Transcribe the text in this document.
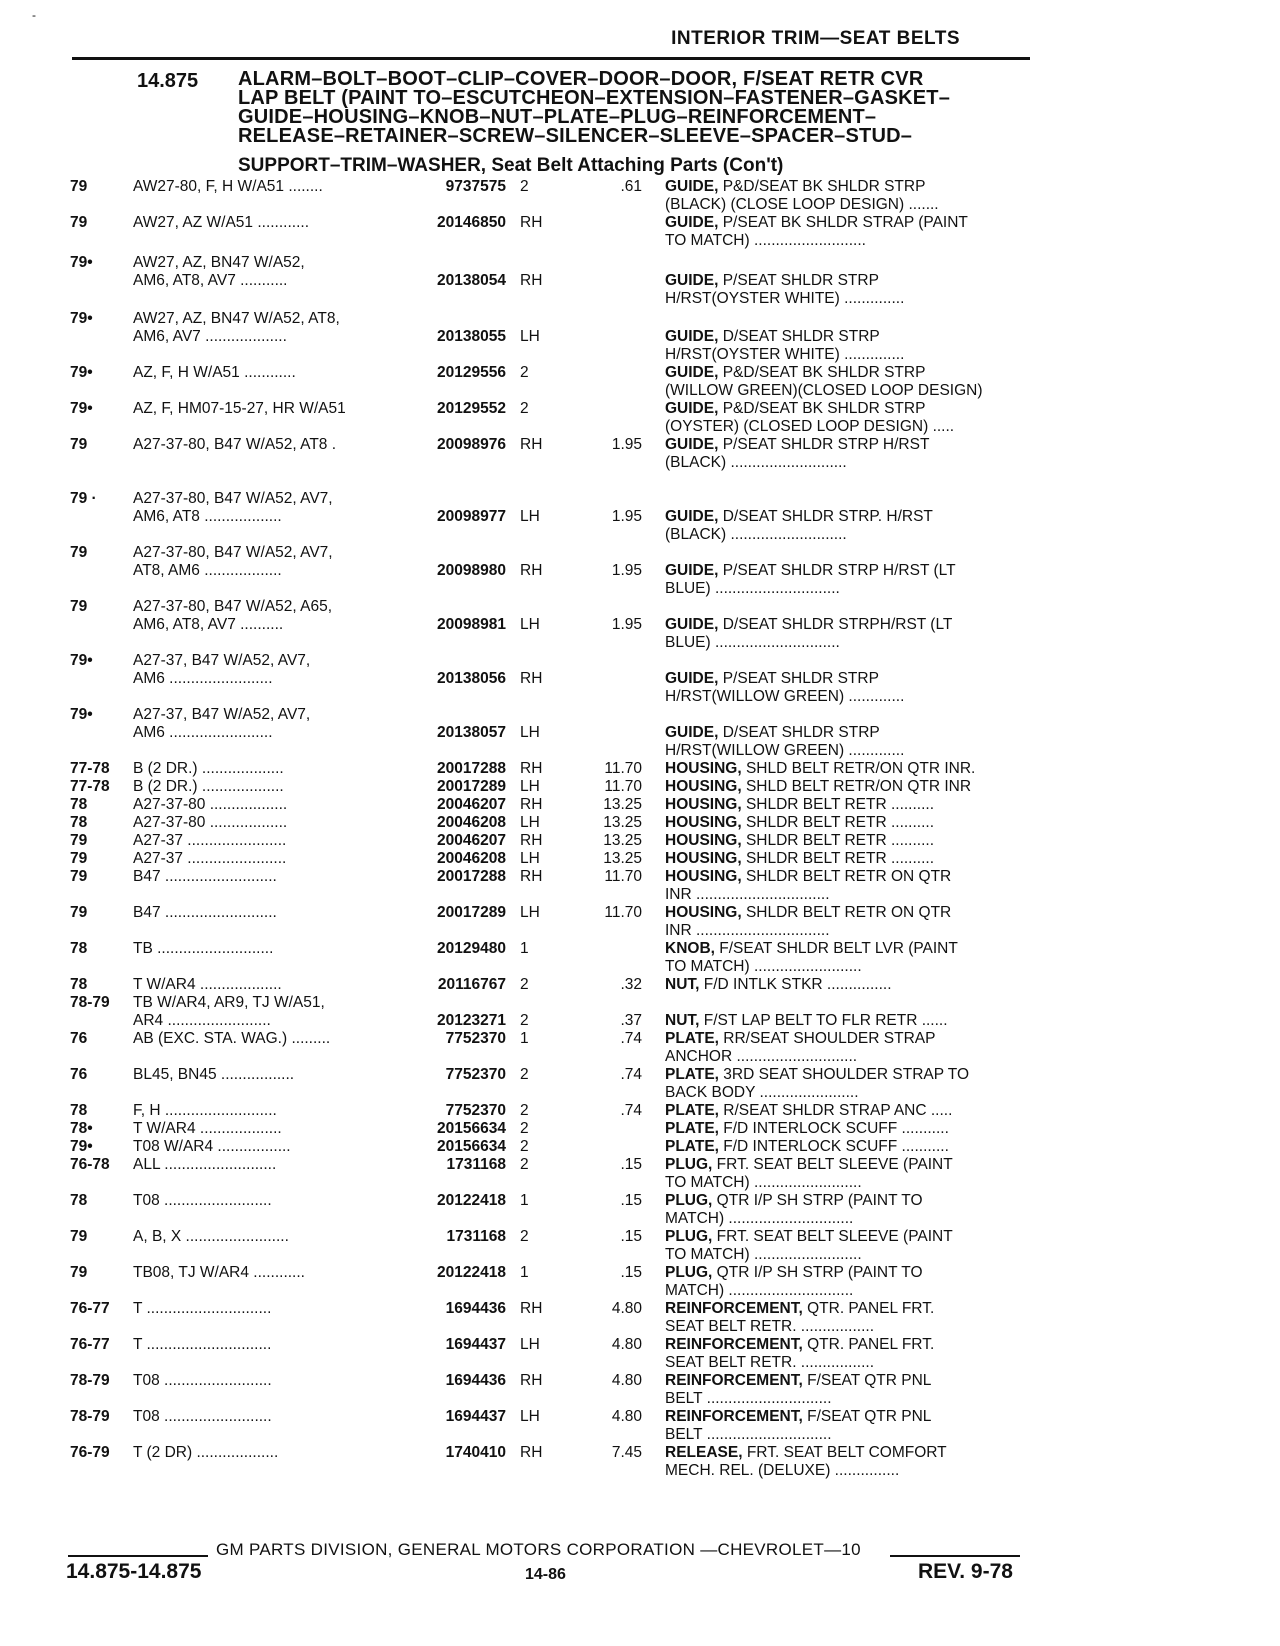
-
INTERIOR TRIM—SEAT BELTS
14.875 ALARM–BOLT–BOOT–CLIP–COVER–DOOR–DOOR, F/SEAT RETR CVR
LAP BELT (PAINT TO–ESCUTCHEON–EXTENSION–FASTENER–GASKET–
GUIDE–HOUSING–KNOB–NUT–PLATE–PLUG–REINFORCEMENT–
RELEASE–RETAINER–SCREW–SILENCER–SLEEVE–SPACER–STUD–
SUPPORT–TRIM–WASHER, Seat Belt Attaching Parts (Con't)
79	AW27-80, F, H W/A51 ........	9737575 2	.61 GUIDE, P&D/SEAT BK SHLDR STRP
(BLACK) (CLOSE LOOP DESIGN) .......
79	AW27, AZ W/A51 ............	20146850 RH	GUIDE, P/SEAT BK SHLDR STRAP (PAINT
TO MATCH) ..........................
79•	AW27, AZ, BN47 W/A52,
AM6, AT8, AV7 ...........	20138054 RH	GUIDE, P/SEAT SHLDR STRP
H/RST(OYSTER WHITE) ..............
79•	AW27, AZ, BN47 W/A52, AT8,
AM6, AV7 ...................	20138055 LH	GUIDE, D/SEAT SHLDR STRP
H/RST(OYSTER WHITE) ..............
79•	AZ, F, H W/A51 ............	20129556 2	GUIDE, P&D/SEAT BK SHLDR STRP
(WILLOW GREEN)(CLOSED LOOP DESIGN)
79•	AZ, F, HM07-15-27, HR W/A51	20129552 2	GUIDE, P&D/SEAT BK SHLDR STRP
(OYSTER) (CLOSED LOOP DESIGN) .....
79	A27-37-80, B47 W/A52, AT8 .	20098976 RH	1.95 GUIDE, P/SEAT SHLDR STRP H/RST
(BLACK) ...........................
79 · A27-37-80, B47 W/A52, AV7,
AM6, AT8 ..................	20098977 LH	1.95 GUIDE, D/SEAT SHLDR STRP. H/RST
(BLACK) ...........................
79	A27-37-80, B47 W/A52, AV7,
AT8, AM6 ..................	20098980 RH	1.95 GUIDE, P/SEAT SHLDR STRP H/RST (LT
BLUE) .............................
79	A27-37-80, B47 W/A52, A65,
AM6, AT8, AV7 ..........	20098981 LH	1.95 GUIDE, D/SEAT SHLDR STRPH/RST (LT
BLUE) .............................
79•	A27-37, B47 W/A52, AV7,
AM6 ........................	20138056 RH	GUIDE, P/SEAT SHLDR STRP
H/RST(WILLOW GREEN) .............
79•	A27-37, B47 W/A52, AV7,
AM6 ........................	20138057 LH	GUIDE, D/SEAT SHLDR STRP
H/RST(WILLOW GREEN) .............
77-78 B (2 DR.) ...................	20017288 RH	11.70 HOUSING, SHLD BELT RETR/ON QTR INR.
77-78 B (2 DR.) ...................	20017289 LH	11.70 HOUSING, SHLD BELT RETR/ON QTR INR
78	A27-37-80 ..................	20046207 RH	13.25 HOUSING, SHLDR BELT RETR ..........
78	A27-37-80 ..................	20046208 LH	13.25 HOUSING, SHLDR BELT RETR ..........
79	A27-37 .......................	20046207 RH	13.25 HOUSING, SHLDR BELT RETR ..........
79	A27-37 .......................	20046208 LH	13.25 HOUSING, SHLDR BELT RETR ..........
79	B47 ..........................	20017288 RH	11.70 HOUSING, SHLDR BELT RETR ON QTR
INR ...............................
79	B47 ..........................	20017289 LH	11.70 HOUSING, SHLDR BELT RETR ON QTR
INR ...............................
78	TB ...........................	20129480 1	KNOB, F/SEAT SHLDR BELT LVR (PAINT
TO MATCH) .........................
78	T W/AR4 ...................	20116767 2	.32 NUT, F/D INTLK STKR ...............
78-79 TB W/AR4, AR9, TJ W/A51,
AR4 ........................	20123271 2	.37 NUT, F/ST LAP BELT TO FLR RETR ......
76	AB (EXC. STA. WAG.) .........	7752370 1	.74 PLATE, RR/SEAT SHOULDER STRAP
ANCHOR ............................
76	BL45, BN45 .................	7752370 2	.74 PLATE, 3RD SEAT SHOULDER STRAP TO
BACK BODY .......................
78	F, H ..........................	7752370 2	.74 PLATE, R/SEAT SHLDR STRAP ANC .....
78•	T W/AR4 ...................	20156634 2	PLATE, F/D INTERLOCK SCUFF ...........
79•	T08 W/AR4 .................	20156634 2	PLATE, F/D INTERLOCK SCUFF ...........
76-78 ALL ..........................	1731168 2	.15 PLUG, FRT. SEAT BELT SLEEVE (PAINT
TO MATCH) .........................
78	T08 .........................	20122418 1	.15 PLUG, QTR I/P SH STRP (PAINT TO
MATCH) .............................
79	A, B, X ........................	1731168 2	.15 PLUG, FRT. SEAT BELT SLEEVE (PAINT
TO MATCH) .........................
79	TB08, TJ W/AR4 ............	20122418 1	.15 PLUG, QTR I/P SH STRP (PAINT TO
MATCH) .............................
76-77 T .............................	1694436 RH	4.80 REINFORCEMENT, QTR. PANEL FRT.
SEAT BELT RETR. .................
76-77 T .............................	1694437 LH	4.80 REINFORCEMENT, QTR. PANEL FRT.
SEAT BELT RETR. .................
78-79 T08 .........................	1694436 RH	4.80 REINFORCEMENT, F/SEAT QTR PNL
BELT .............................
78-79 T08 .........................	1694437 LH	4.80 REINFORCEMENT, F/SEAT QTR PNL
BELT .............................
76-79 T (2 DR) ...................	1740410 RH	7.45 RELEASE, FRT. SEAT BELT COMFORT
MECH. REL. (DELUXE) ...............
GM PARTS DIVISION, GENERAL MOTORS CORPORATION —CHEVROLET—10
14.875-14.875	14-86	REV. 9-78
